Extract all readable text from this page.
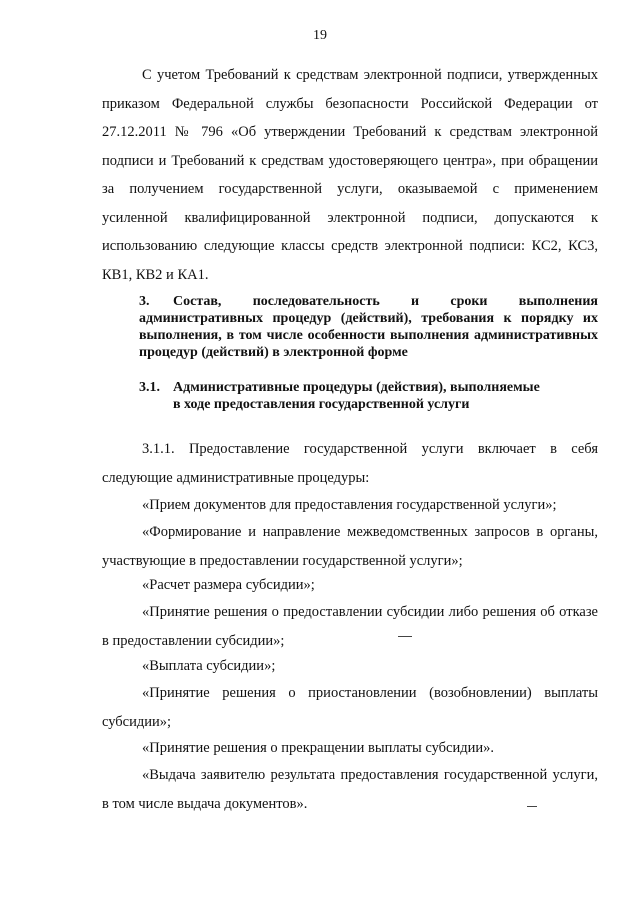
19

С учетом Требований к средствам электронной подписи, утвержденных приказом Федеральной службы безопасности Российской Федерации от 27.12.2011 № 796 «Об утверждении Требований к средствам электронной подписи и Требований к средствам удостоверяющего центра», при обращении за получением государственной услуги, оказываемой с применением усиленной квалифицированной электронной подписи, допускаются к использованию следующие классы средств электронной подписи: КС2, КС3, КВ1, КВ2 и КА1.

3. Состав, последовательность и сроки выполнения административных процедур (действий), требования к порядку их выполнения, в том числе особенности выполнения административных процедур (действий) в электронной форме
3.1. Административные процедуры (действия), выполняемые
в ходе предоставления государственной услуги

3.1.1. Предоставление государственной услуги включает в себя следующие административные процедуры:

«Прием документов для предоставления государственной услуги»;

«Формирование и направление межведомственных запросов в органы, участвующие в предоставлении государственной услуги»;

«Расчет размера субсидии»;

«Принятие решения о предоставлении субсидии либо решения об отказе в предоставлении субсидии»;

«Выплата субсидии»;

«Принятие решения о приостановлении (возобновлении) выплаты субсидии»;

«Принятие решения о прекращении выплаты субсидии».

«Выдача заявителю результата предоставления государственной услуги, в том числе выдача документов».
